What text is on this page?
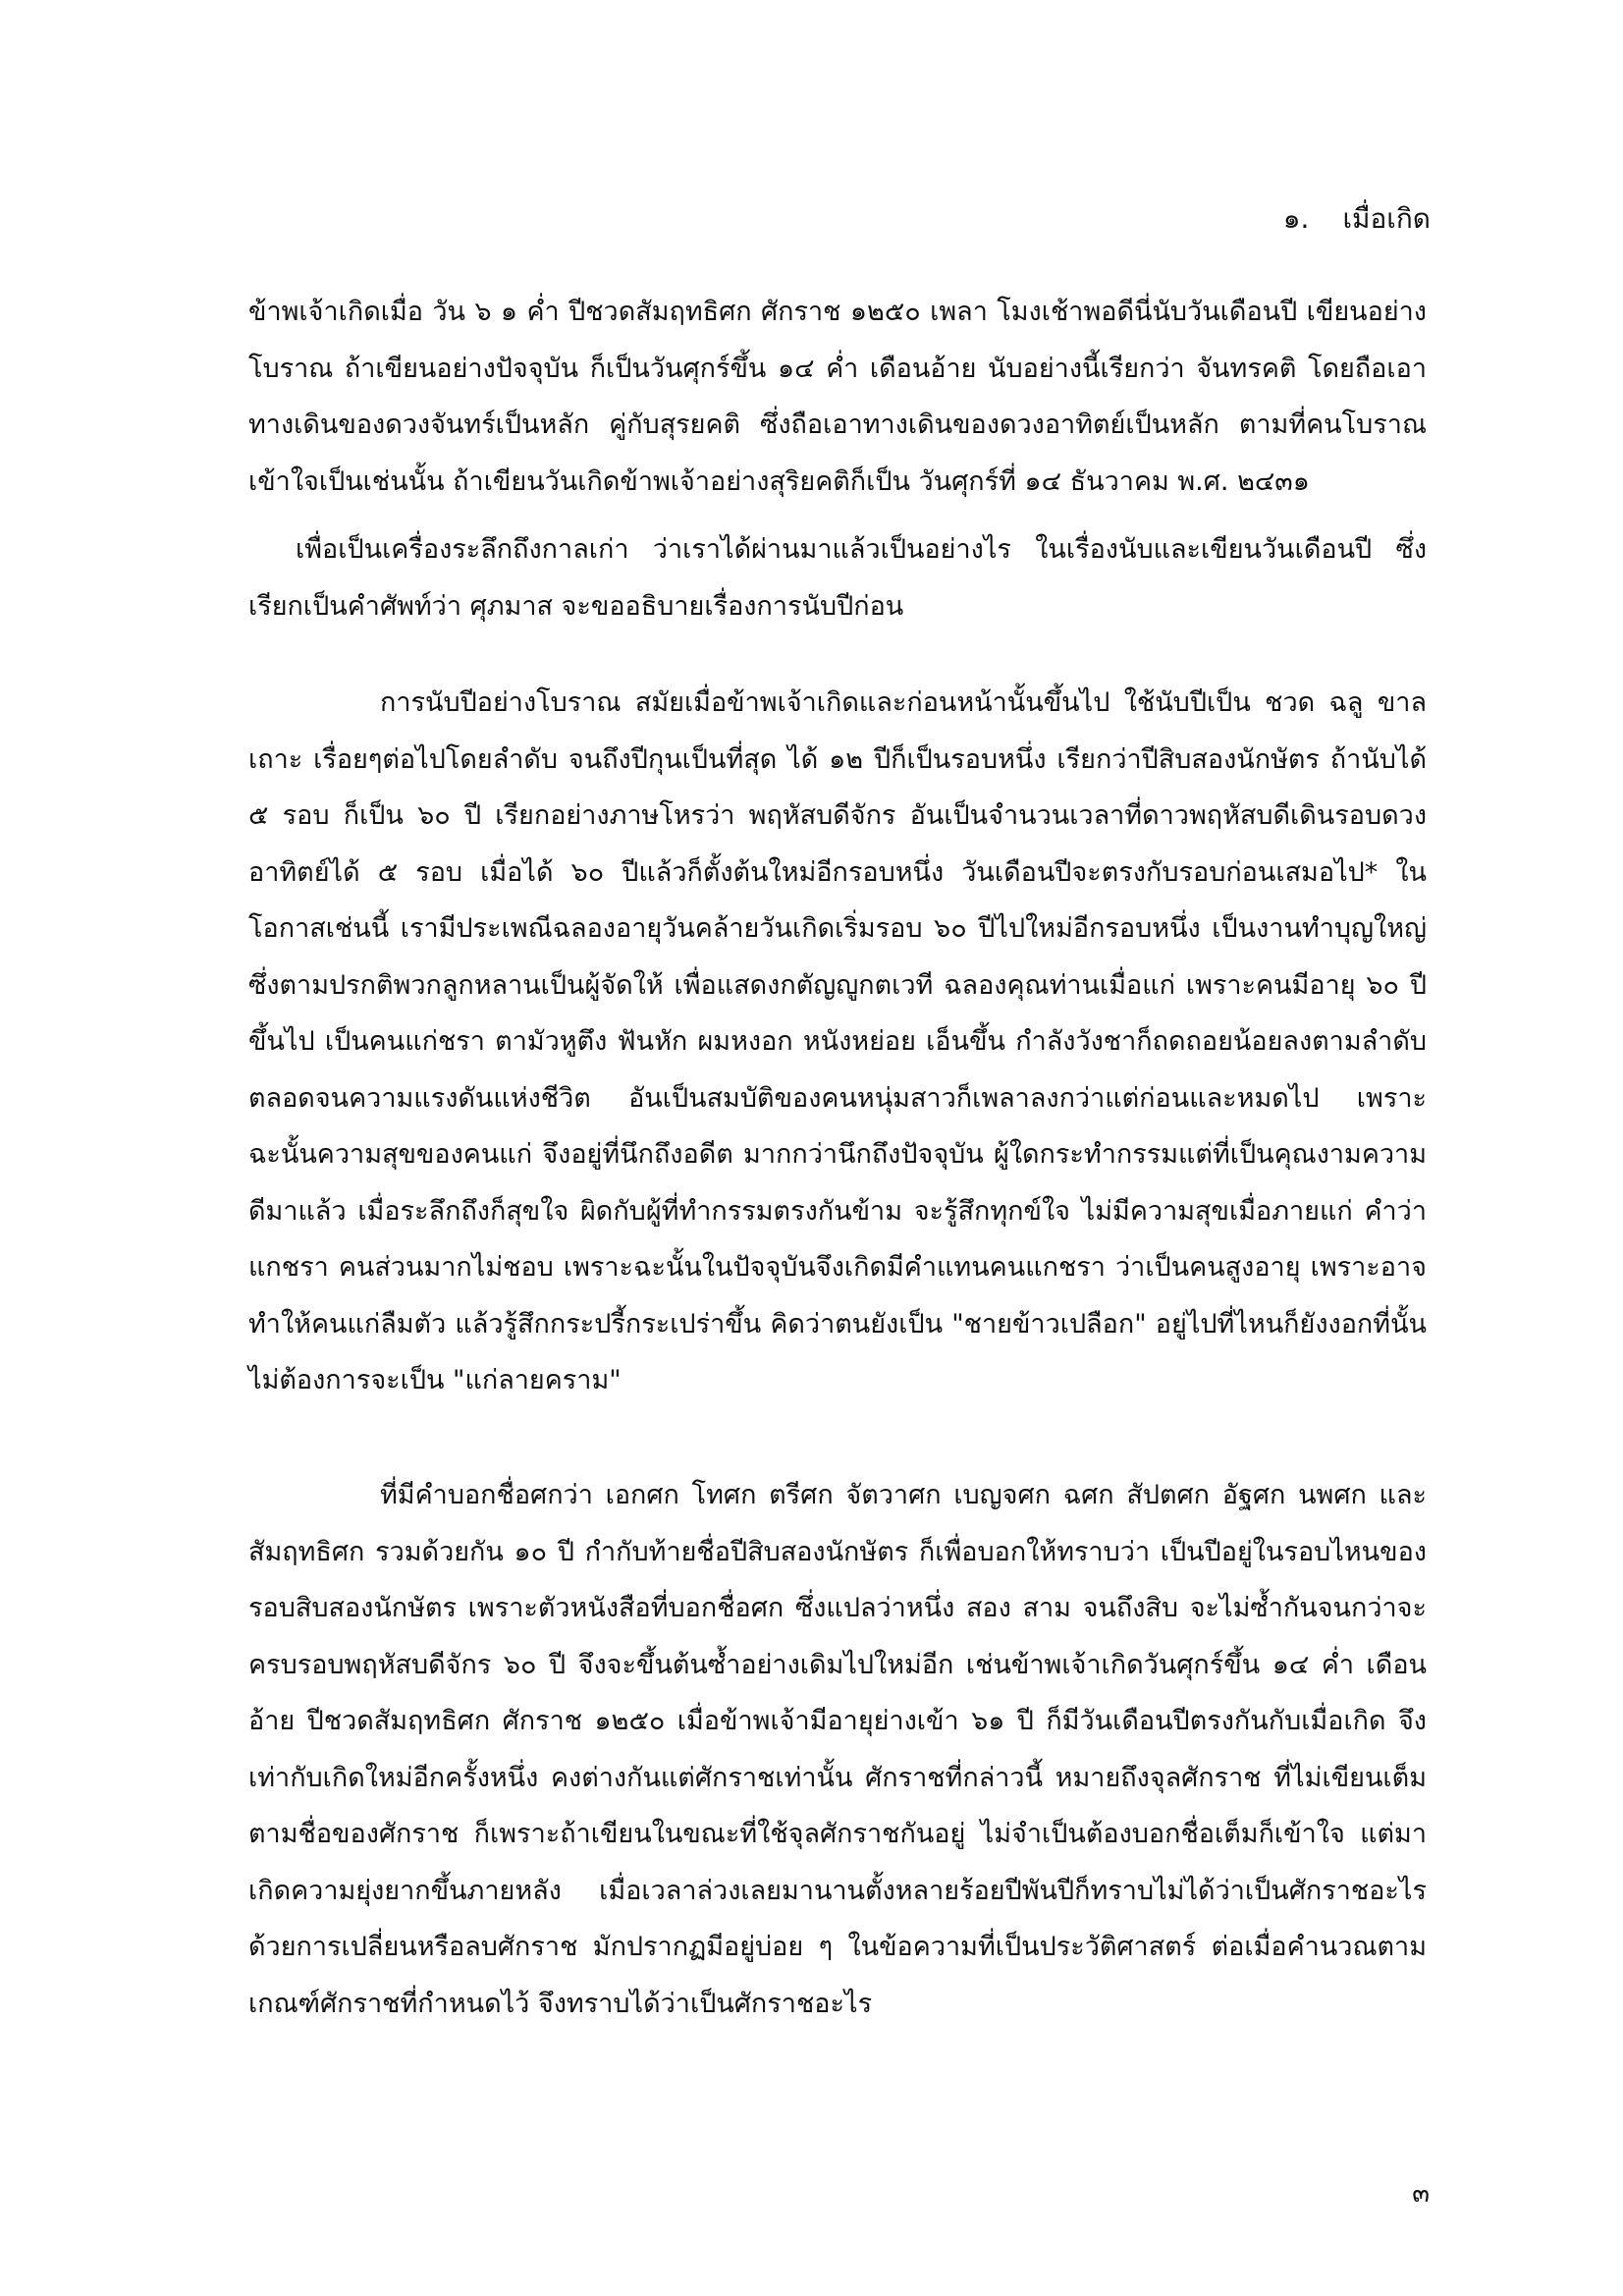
๑. เมื่อเกิด

ข้าพเจ้าเกิดเมื่อ วัน ๖ ๑ ค่ำ ปีชวดสัมฤทธิศก ศักราช ๑๒๕๐ เพลา โมงเช้าพอดีนี่นับวันเดือนปี เขียนอย่างโบราณ ถ้าเขียนอย่างปัจจุบัน ก็เป็นวันศุกร์ขึ้น ๑๔ ค่ำ เดือนอ้าย นับอย่างนี้เรียกว่า จันทรคติ โดยถือเอาทางเดินของดวงจันทร์เป็นหลัก คู่กับสุรยคติ ซึ่งถือเอาทางเดินของดวงอาทิตย์เป็นหลัก ตามที่คนโบราณเข้าใจเป็นเช่นนั้น ถ้าเขียนวันเกิดข้าพเจ้าอย่างสุริยคติก็เป็น วันศุกร์ที่ ๑๔ ธันวาคม พ.ศ. ๒๔๓๑

เพื่อเป็นเครื่องระลึกถึงกาลเก่า ว่าเราได้ผ่านมาแล้วเป็นอย่างไร ในเรื่องนับและเขียนวันเดือนปี ซึ่งเรียกเป็นคำศัพท์ว่า ศุภมาส จะขออธิบายเรื่องการนับปีก่อน

การนับปีอย่างโบราณ สมัยเมื่อข้าพเจ้าเกิดและก่อนหน้านั้นขึ้นไป ใช้นับปีเป็น ชวด ฉลู ขาล เถาะ เรื่อยๆต่อไปโดยลำดับ จนถึงปีกุนเป็นที่สุด ได้ ๑๒ ปีก็เป็นรอบหนึ่ง เรียกว่าปีสิบสองนักษัตร ถ้านับได้ ๕ รอบ ก็เป็น ๖๐ ปี เรียกอย่างภาษโหรว่า พฤหัสบดีจักร อันเป็นจำนวนเวลาที่ดาวพฤหัสบดีเดินรอบดวงอาทิตย์ได้ ๕ รอบ เมื่อได้ ๖๐ ปีแล้วก็ตั้งต้นใหม่อีกรอบหนึ่ง วันเดือนปีจะตรงกับรอบก่อนเสมอไป* ในโอกาสเช่นนี้ เรามีประเพณีฉลองอายุวันคล้ายวันเกิดเริ่มรอบ ๖๐ ปีไปใหม่อีกรอบหนึ่ง เป็นงานทำบุญใหญ่ ซึ่งตามปรกติพวกลูกหลานเป็นผู้จัดให้ เพื่อแสดงกตัญญูกตเวที ฉลองคุณท่านเมื่อแก่ เพราะคนมีอายุ ๖๐ ปีขึ้นไป เป็นคนแก่ชรา ตามัวหูตึง ฟันหัก ผมหงอก หนังหย่อย เอ็นขึ้น กำลังวังชาก็ถดถอยน้อยลงตามลำดับ ตลอดจนความแรงดันแห่งชีวิต อันเป็นสมบัติของคนหนุ่มสาวก็เพลาลงกว่าแต่ก่อนและหมดไป เพราะฉะนั้นความสุขของคนแก่ จึงอยู่ที่นึกถึงอดีต มากกว่านึกถึงปัจจุบัน ผู้ใดกระทำกรรมแต่ที่เป็นคุณงามความดีมาแล้ว เมื่อระลึกถึงก็สุขใจ ผิดกับผู้ที่ทำกรรมตรงกันข้าม จะรู้สึกทุกข์ใจ ไม่มีความสุขเมื่อภายแก่ คำว่า แกชรา คนส่วนมากไม่ชอบ เพราะฉะนั้นในปัจจุบันจึงเกิดมีคำแทนคนแกชรา ว่าเป็นคนสูงอายุ เพราะอาจทำให้คนแก่ลืมตัว แล้วรู้สึกกระปรี้กระเปร่าขึ้น คิดว่าตนยังเป็น "ชายข้าวเปลือก" อยู่ไปที่ไหนก็ยังงอกที่นั้น ไม่ต้องการจะเป็น "แก่ลายคราม"

ที่มีคำบอกชื่อศกว่า เอกศก โทศก ตรีศก จัตวาศก เบญจศก ฉศก สัปตศก อัฐศก นพศก และสัมฤทธิศก รวมด้วยกัน ๑๐ ปี กำกับท้ายชื่อปีสิบสองนักษัตร ก็เพื่อบอกให้ทราบว่า เป็นปีอยู่ในรอบไหนของรอบสิบสองนักษัตร เพราะตัวหนังสือที่บอกชื่อศก ซึ่งแปลว่าหนึ่ง สอง สาม จนถึงสิบ จะไม่ซ้ำกันจนกว่าจะครบรอบพฤหัสบดีจักร ๖๐ ปี จึงจะขึ้นต้นซ้ำอย่างเดิมไปใหม่อีก เช่นข้าพเจ้าเกิดวันศุกร์ขึ้น ๑๔ ค่ำ เดือนอ้าย ปีชวดสัมฤทธิศก ศักราช ๑๒๕๐ เมื่อข้าพเจ้ามีอายุย่างเข้า ๖๑ ปี ก็มีวันเดือนปีตรงกันกับเมื่อเกิด จึงเท่ากับเกิดใหม่อีกครั้งหนึ่ง คงต่างกันแต่ศักราชเท่านั้น ศักราชที่กล่าวนี้ หมายถึงจุลศักราช ที่ไม่เขียนเต็มตามชื่อของศักราช ก็เพราะถ้าเขียนในขณะที่ใช้จุลศักราชกันอยู่ ไม่จำเป็นต้องบอกชื่อเต็มก็เข้าใจ แต่มาเกิดความยุ่งยากขึ้นภายหลัง เมื่อเวลาล่วงเลยมานานตั้งหลายร้อยปีพันปีก็ทราบไม่ได้ว่าเป็นศักราชอะไร ด้วยการเปลี่ยนหรือลบศักราช มักปรากฏมีอยู่บ่อย ๆ ในข้อความที่เป็นประวัติศาสตร์ ต่อเมื่อคำนวณตามเกณฑ์ศักราชที่กำหนดไว้ จึงทราบได้ว่าเป็นศักราชอะไร

๓
